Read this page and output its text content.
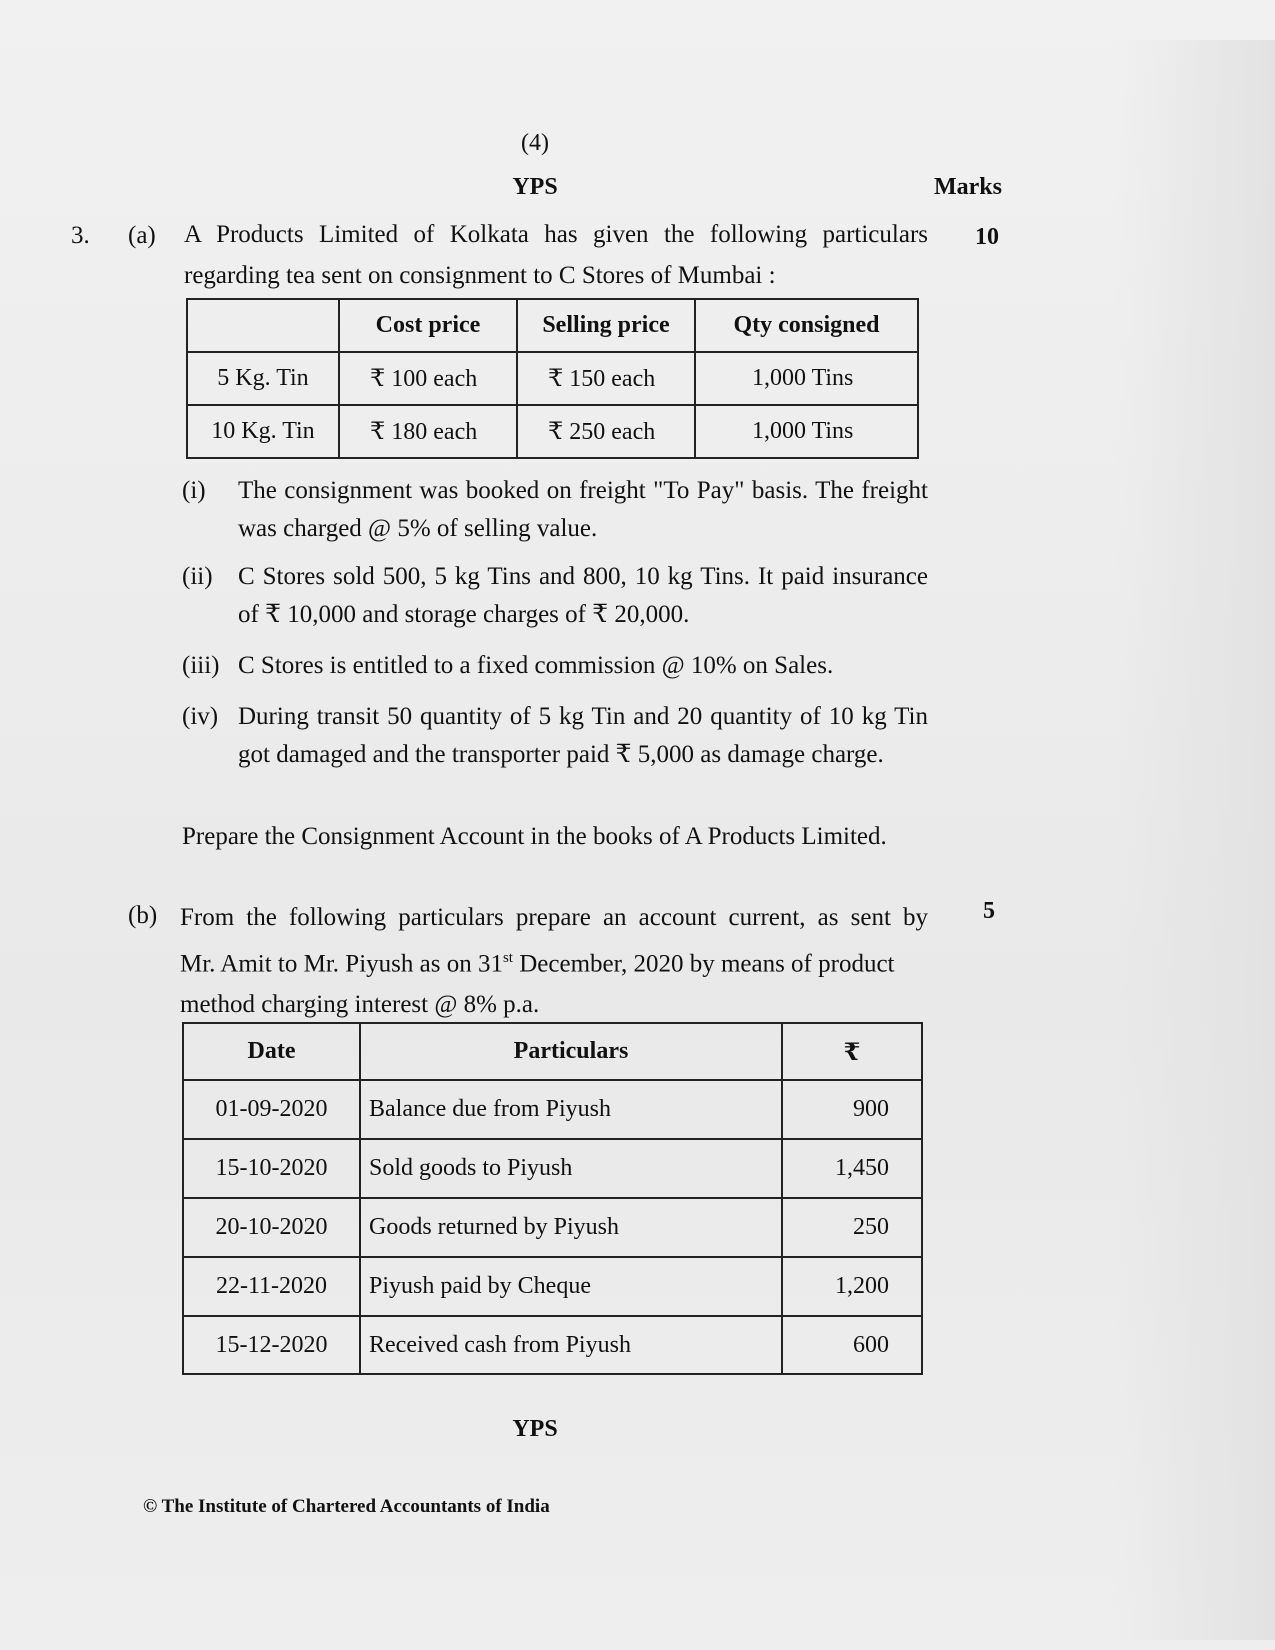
(4)
YPS	Marks
3. (a)	10
A Products Limited of Kolkata has given the following particulars regarding tea sent on consignment to C Stores of Mumbai :
	Cost price	Selling price	Qty consigned
5 Kg. Tin	₹ 100 each	₹ 150 each	1,000 Tins
10 Kg. Tin	₹ 180 each	₹ 250 each	1,000 Tins
(i) The consignment was booked on freight "To Pay" basis. The freight was charged @ 5% of selling value.
(ii) C Stores sold 500, 5 kg Tins and 800, 10 kg Tins. It paid insurance of ₹ 10,000 and storage charges of ₹ 20,000.
(iii) C Stores is entitled to a fixed commission @ 10% on Sales.
(iv) During transit 50 quantity of 5 kg Tin and 20 quantity of 10 kg Tin got damaged and the transporter paid ₹ 5,000 as damage charge.
Prepare the Consignment Account in the books of A Products Limited.
(b)	5
From the following particulars prepare an account current, as sent by
Mr. Amit to Mr. Piyush as on 31st December, 2020 by means of product
method charging interest @ 8% p.a.
Date	Particulars	₹
01-09-2020	Balance due from Piyush	900
15-10-2020	Sold goods to Piyush	1,450
20-10-2020	Goods returned by Piyush	250
22-11-2020	Piyush paid by Cheque	1,200
15-12-2020	Received cash from Piyush	600
YPS
© The Institute of Chartered Accountants of India
